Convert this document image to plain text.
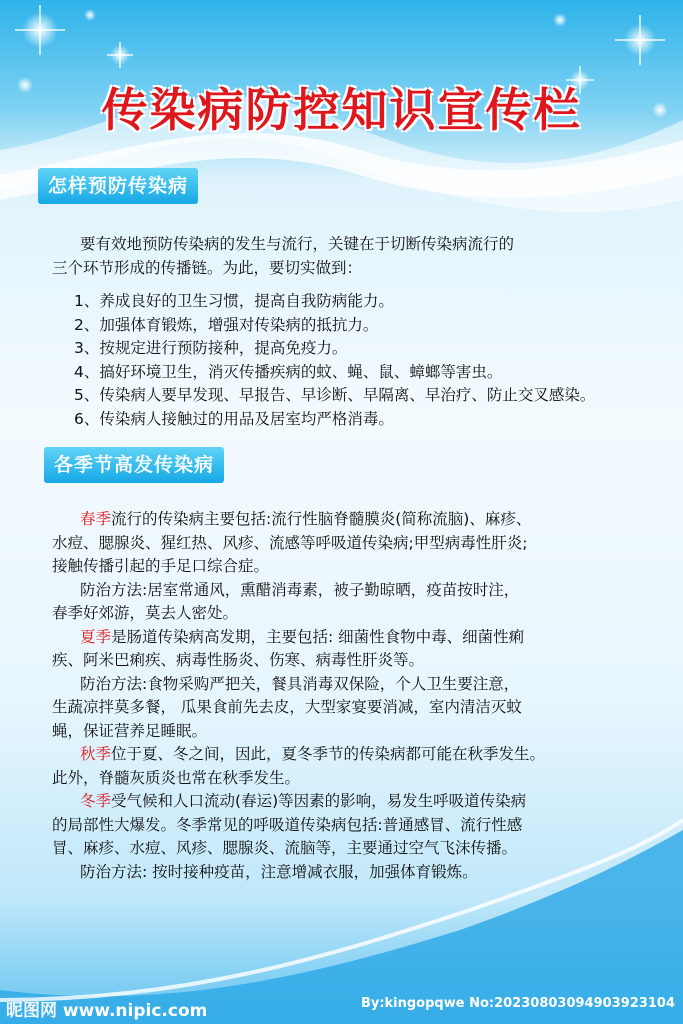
传染病防控知识宣传栏
怎样预防传染病

要有效地预防传染病的发生与流行，关键在于切断传染病流行的
三个环节形成的传播链。为此，要切实做到：

1、养成良好的卫生习惯，提高自我防病能力。
2、加强体育锻炼，增强对传染病的抵抗力。
3、按规定进行预防接种，提高免疫力。
4、搞好环境卫生，消灭传播疾病的蚊、蝇、鼠、蟑螂等害虫。
5、传染病人要早发现、早报告、早诊断、早隔离、早治疗、防止交叉感染。
6、传染病人接触过的用品及居室均严格消毒。
各季节高发传染病

春季流行的传染病主要包括:流行性脑脊髓膜炎(简称流脑)、麻疹、
水痘、腮腺炎、猩红热、风疹、流感等呼吸道传染病;甲型病毒性肝炎;
接触传播引起的手足口综合症。

防治方法:居室常通风，熏醋消毒素，被子勤晾晒，疫苗按时注，
春季好郊游，莫去人密处。

夏季是肠道传染病高发期，主要包括: 细菌性食物中毒、细菌性痢
疾、阿米巴痢疾、病毒性肠炎、伤寒、病毒性肝炎等。

防治方法:食物采购严把关，餐具消毒双保险，个人卫生要注意，
生蔬凉拌莫多餐， 瓜果食前先去皮，大型家宴要消减，室内清洁灭蚊
蝇，保证营养足睡眠。

秋季位于夏、冬之间，因此，夏冬季节的传染病都可能在秋季发生。
此外，脊髓灰质炎也常在秋季发生。

冬季受气候和人口流动(春运)等因素的影响，易发生呼吸道传染病
的局部性大爆发。冬季常见的呼吸道传染病包括:普通感冒、流行性感
冒、麻疹、水痘、风疹、腮腺炎、流脑等，主要通过空气飞沫传播。

防治方法: 按时接种疫苗，注意增减衣服，加强体育锻炼。

昵图网 www.nipic.com	By:kingopqwe No:20230803094903923104
